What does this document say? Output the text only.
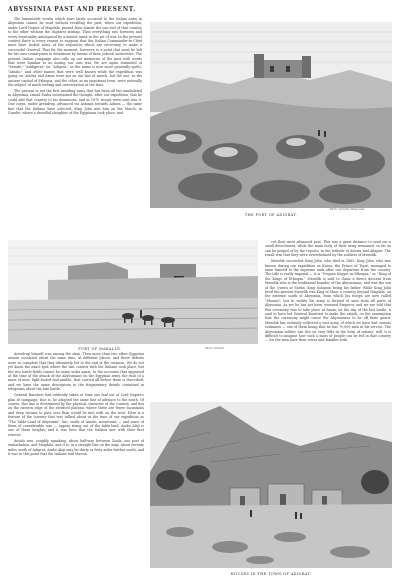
ABYSSINIA PAST AND PRESENT.

The lamentable events which have lately occurred to the Italian army in Abyssinia cannot be read without recalling the past, when our expedition, under Lord Napier of Magdala, passed from almost the one end of that country to the other without the slightest mishap. Then everything was foreseen and every eventuality anticipated by a master mind in the art of war. In the present contest there is every reason to suppose that the Italian Commander-in-Chief must have lacked some of the requisites which are necessary to make a successful General. That for the moment, however, is a point that must be left for his own countrymen to determine by means of their judicial authorities. The present Italian campaign also calls up our memories of the past with words that were familiar to us during our own war. We are again reminded of "Senafe," "Addigerat" (or "Adigrat," as the name is now more generally spelt), "Antalo," and other names that were well known while the expedition was going on. Adowa and Axum were not on our line of march; but the one, as the ancient capital of Ethiopia, and the other, as an important town, were naturally the subject of much writing and conversation at the time.

The present is not the first invading army that has been all but annihilated in Abyssinia. Ismail Pasha entertained the thought, after our expedition, that he could add that country to his dominions, and in 1875 troops were sent into it. One corps, under Arendrup, advanced via Asmara towards Adowa — the same line that the Italians have selected. King John met him on the March, in Gundet, where a dreadful slaughter of the Egyptians took place, and

THE FORT OF ADIGRAT.
Photo. Naretti, Massowah.
FORT OF MAKALLÉ.	Photo. Gilberti.

cut their most advanced post. This was a great distance to send out a small detachment, while the main body of their army remained, so far as can be judged of by the reports, in the latitude of Adowa and Adigrat. The result was that they were overwhelmed by the soldiers of Menelik.

Menelik succeeded King John, who died in 1889. King John, who was known during our expedition as Kassa, the Prince of Tigré, managed to raise himself to the supreme rank after our departure from the country. The title is really imperial — it is "Negusa Nagyst za Ethiopia," or, "King of the Kings of Ethiopia." Menelik is said to claim a direct descent from Menelik who is the traditional founder of the Abyssinians, and was the son of the Queen of Sheba, King Solomon being his father. While King John lived the present Menelik was King of Shoa, a country beyond Magdala, on the extreme south of Abyssinia, from which his troops are now called "Shoans"; but in reality his army is formed of men from all parts of Abyssinia. As yet he has not been crowned Emperor, and we are told that this ceremony was to take place at Axum, on the day of the last battle, it said to have led General Baratieri to make the attack, on the assumption that the ceremony might cause the Abyssinians to be off their guard. Menelik has certainly collected a vast army, of which we have had various estimates — one of them being that he has 70,000 men in his service. The Abyssinian soldier can live on very little in the form of rations; still, it is difficult to imagine how such a mass of people can be fed in that country — for the men have their wives and families with

Arendrup himself was among the slain. Then more than two other Egyptian armies escalated about the same time, at different places, and these defeats were so complete that they ultimately led to the end of the invasion. We do not yet know the exact spot where the last contest with the Italians took place, but the two battle-fields cannot be many miles apart. In the accounts that appeared at the time of the attack of the Abyssinians on the Egyptian army, the rush of a mass of men, light-footed and nimble, that carried all before them is described; and we have the same description in the fragmentary details contained in telegrams about the late battle.

General Baratieri had evidently taken at least one leaf out of Lord Napier's plan of campaign; that is, he adopted the same line of advance to the south. Of course, this line is determined by the physical character of the country, and lies on the eastern edge of the elevated plateau, where there are fewer mountains and deep ravines to pass over than would be met with on the west. Here is a feature of the country that was talked about at the time of our expedition as "The Table-Land of Abyssinia"; but, south of Antalo, mountains — and some of them of considerable size — appear rising out of the table-land. Ambo Alaji is one of these heights; and it was here that the Italians met with their first reverse.

Antalo was, roughly speaking, about half-way between Zoula, our port of embarkation, and Magdala, and it is, in a straight line on the map, about seventy miles south of Adigrat; Ambo Alaji may be thirty or forty miles further south, and it was to this point that the Italians had thrown

HOUSES IN THE TOWN OF ADIGRAT.
